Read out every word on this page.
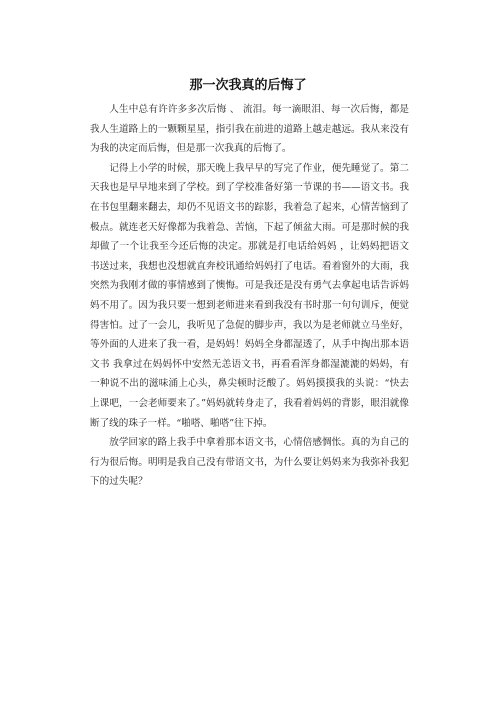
那一次我真的后悔了

人生中总有许许多多次后悔 、 流泪。每一滴眼泪、每一次后悔，都是我人生道路上的一颗颗星星，指引我在前进的道路上越走越远。我从来没有为我的决定而后悔，但是那一次我真的后悔了。

记得上小学的时候，那天晚上我早早的写完了作业，便先睡觉了。第二天我也是早早地来到了学校。到了学校准备好第一节课的书——语文书。我在书包里翻来翻去，却仍不见语文书的踪影，我着急了起来，心情苦恼到了极点。就连老天好像都为我着急、苦恼，下起了倾盆大雨。可是那时候的我却做了一个让我至今还后悔的决定。那就是打电话给妈妈 ，让妈妈把语文书送过来，我想也没想就直奔校讯通给妈妈打了电话。看着窗外的大雨，我突然为我刚才做的事情感到了懊悔。可是我还是没有勇气去拿起电话告诉妈妈不用了。因为我只要一想到老师进来看到我没有书时那一句句训斥，便觉得害怕。过了一会儿，我听见了急促的脚步声，我以为是老师就立马坐好，等外面的人进来了我一看，是妈妈！妈妈全身都湿透了，从手中掏出那本语文书 我拿过在妈妈怀中安然无恙语文书，再看看浑身都湿漉漉的妈妈，有一种说不出的滋味涌上心头，鼻尖顿时泛酸了。妈妈摸摸我的头说：“快去上课吧，一会老师要来了。”妈妈就转身走了，我看着妈妈的背影，眼泪就像断了线的珠子一样。“啪嗒、啪嗒”往下掉。

放学回家的路上我手中拿着那本语文书，心情倍感惆怅。真的为自己的行为很后悔。明明是我自己没有带语文书，为什么要让妈妈来为我弥补我犯下的过失呢？
